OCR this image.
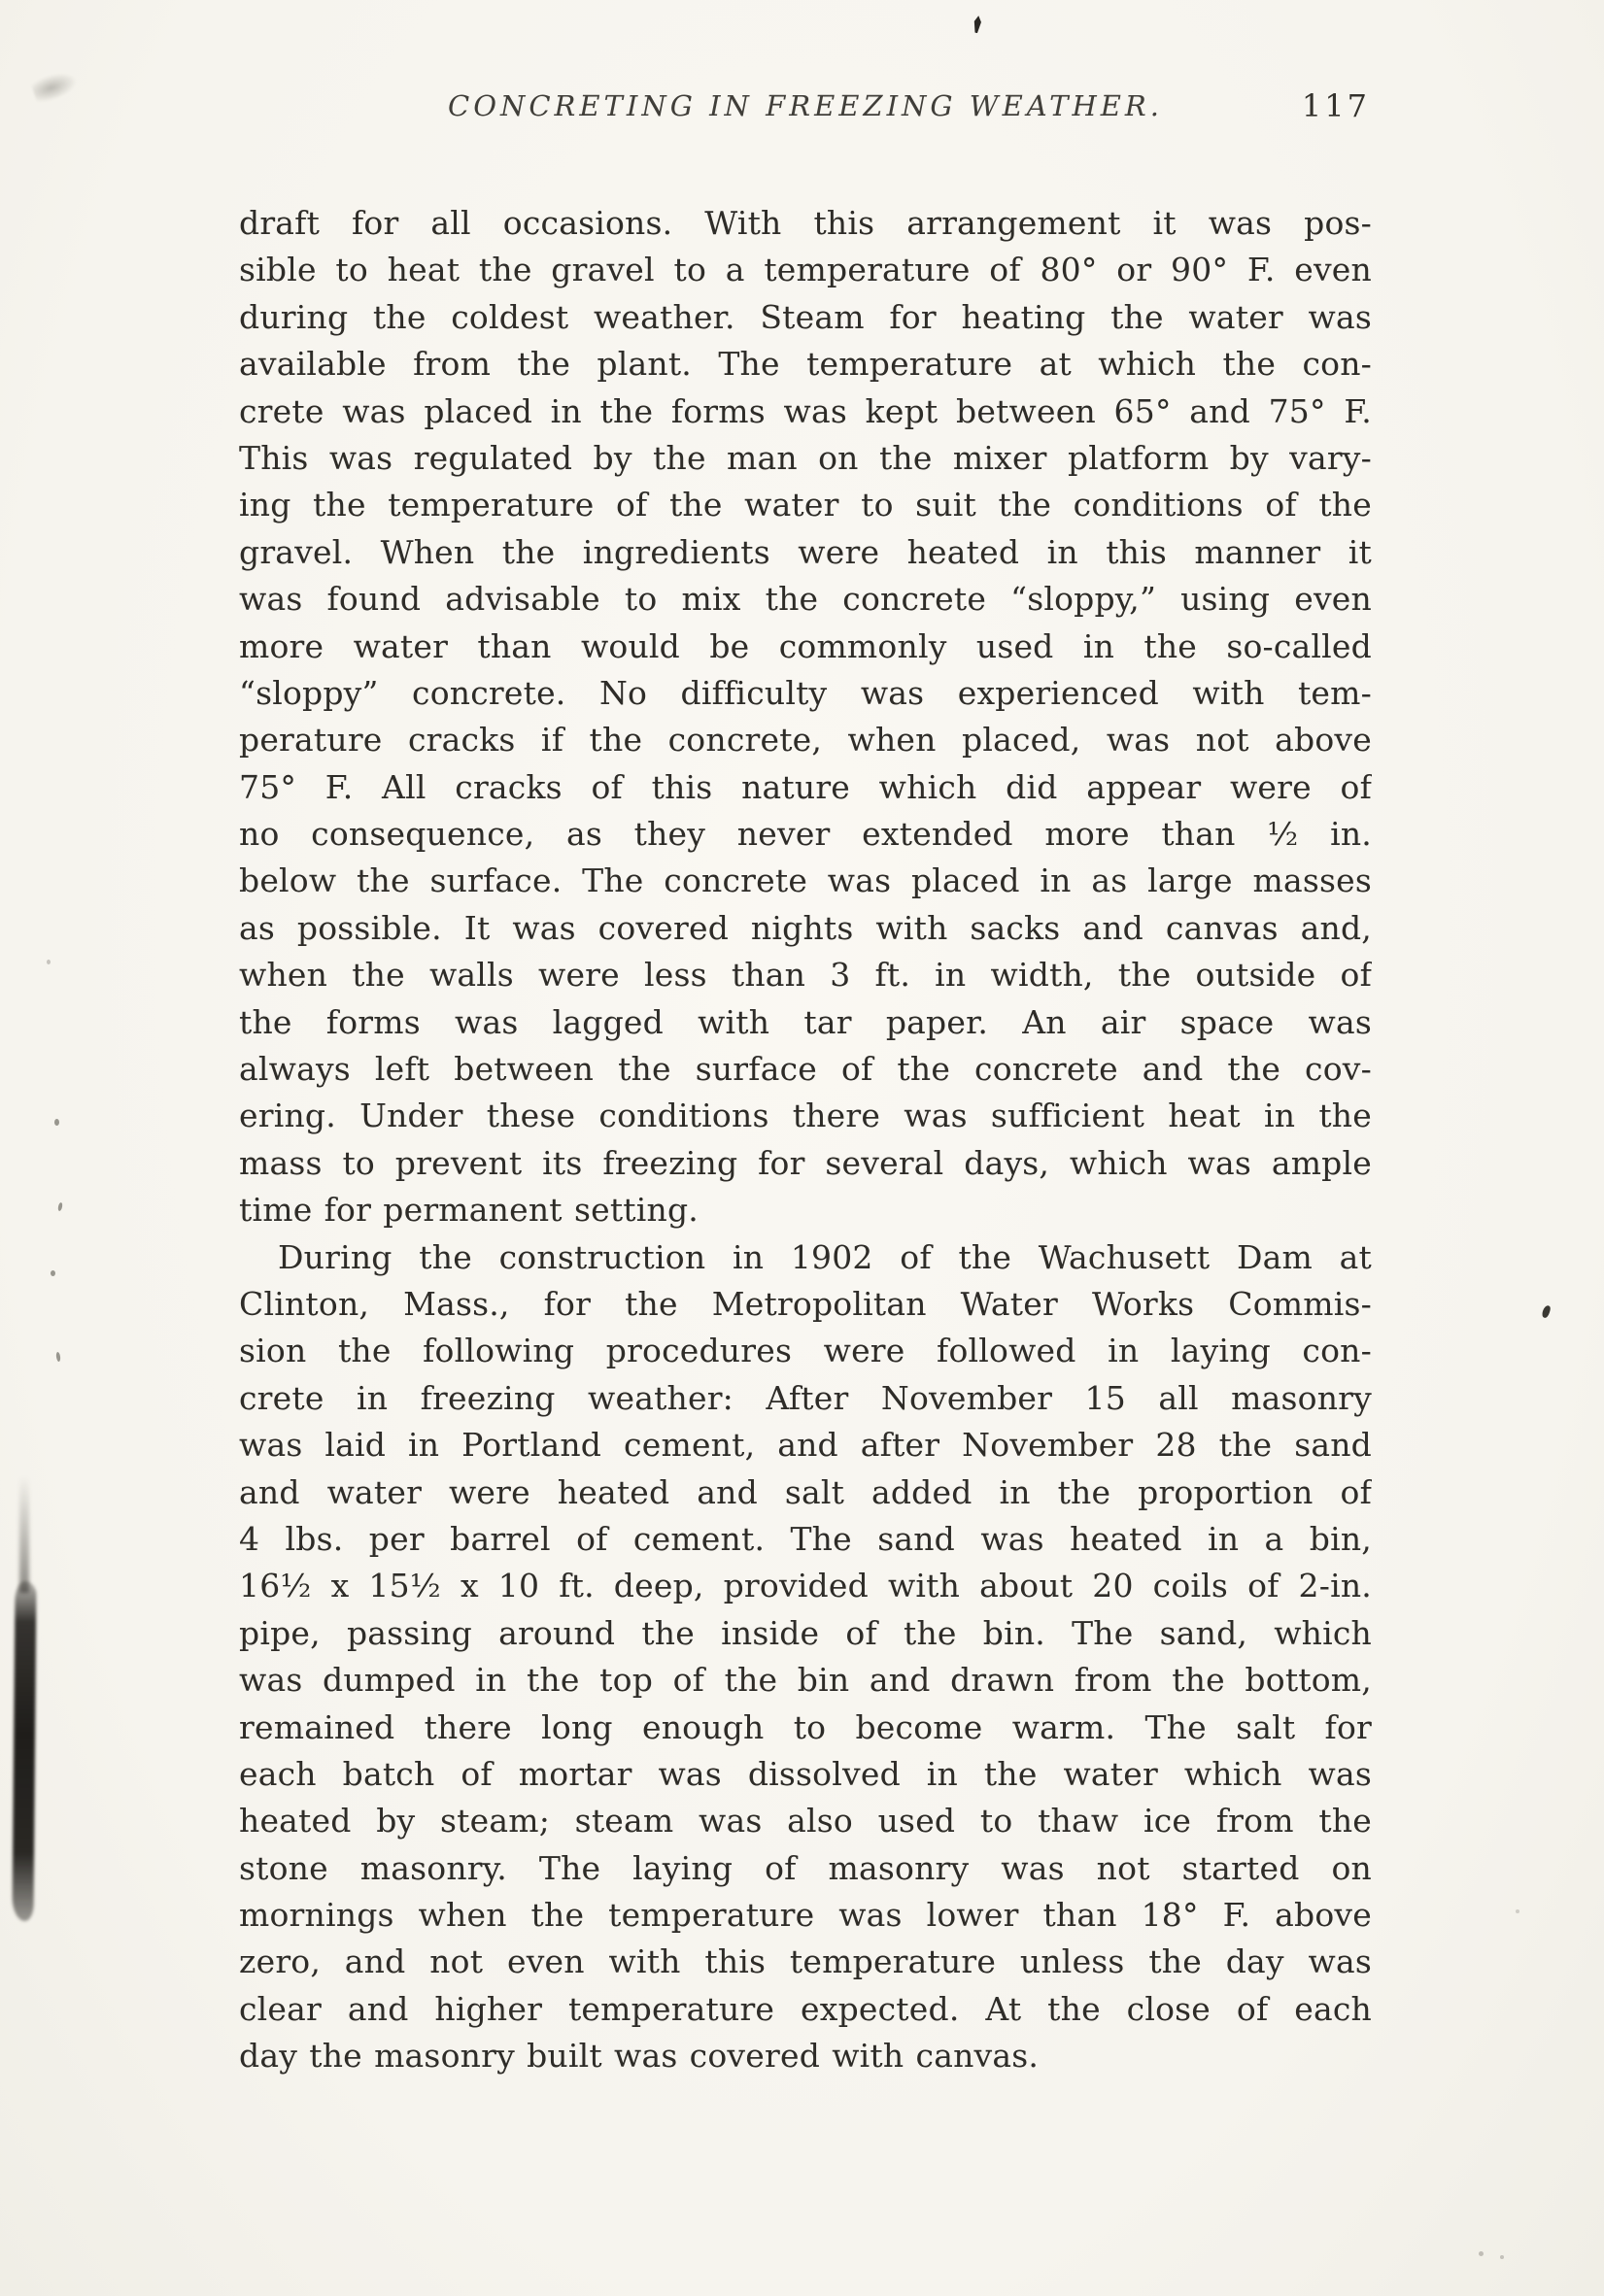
CONCRETING IN FREEZING WEATHER.	117
draft for all occasions. With this arrangement it was pos-
sible to heat the gravel to a temperature of 80° or 90° F. even
during the coldest weather. Steam for heating the water was
available from the plant. The temperature at which the con-
crete was placed in the forms was kept between 65° and 75° F.
This was regulated by the man on the mixer platform by vary-
ing the temperature of the water to suit the conditions of the
gravel. When the ingredients were heated in this manner it
was found advisable to mix the concrete “sloppy,” using even
more water than would be commonly used in the so-called
“sloppy” concrete. No difficulty was experienced with tem-
perature cracks if the concrete, when placed, was not above
75° F. All cracks of this nature which did appear were of
no consequence, as they never extended more than ½ in.
below the surface. The concrete was placed in as large masses
as possible. It was covered nights with sacks and canvas and,
when the walls were less than 3 ft. in width, the outside of
the forms was lagged with tar paper. An air space was
always left between the surface of the concrete and the cov-
ering. Under these conditions there was sufficient heat in the
mass to prevent its freezing for several days, which was ample
time for permanent setting.
During the construction in 1902 of the Wachusett Dam at
Clinton, Mass., for the Metropolitan Water Works Commis-
sion the following procedures were followed in laying con-
crete in freezing weather: After November 15 all masonry
was laid in Portland cement, and after November 28 the sand
and water were heated and salt added in the proportion of
4 lbs. per barrel of cement. The sand was heated in a bin,
16½ x 15½ x 10 ft. deep, provided with about 20 coils of 2-in.
pipe, passing around the inside of the bin. The sand, which
was dumped in the top of the bin and drawn from the bottom,
remained there long enough to become warm. The salt for
each batch of mortar was dissolved in the water which was
heated by steam; steam was also used to thaw ice from the
stone masonry. The laying of masonry was not started on
mornings when the temperature was lower than 18° F. above
zero, and not even with this temperature unless the day was
clear and higher temperature expected. At the close of each
day the masonry built was covered with canvas.
